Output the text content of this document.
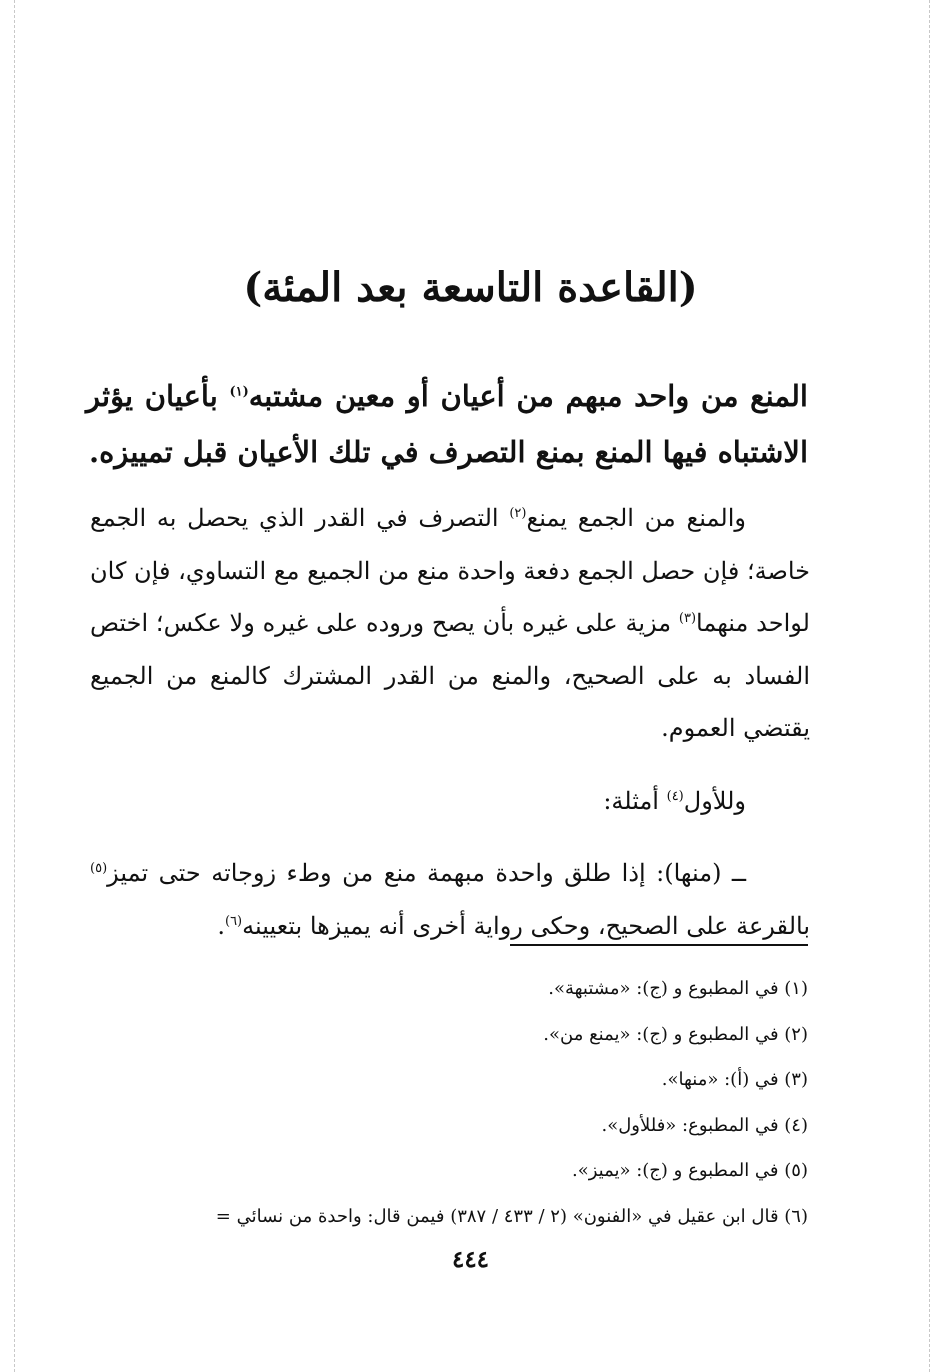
(القاعدة التاسعة بعد المئة)
المنع من واحد مبهم من أعيان أو معين مشتبه$^{(١)}$ بأعيان يؤثر الاشتباه فيها المنع بمنع التصرف في تلك الأعيان قبل تمييزه.

والمنع من الجمع يمنع$^{(٢)}$ التصرف في القدر الذي يحصل به الجمع خاصة؛ فإن حصل الجمع دفعة واحدة منع من الجميع مع التساوي، فإن كان لواحد منهما$^{(٣)}$ مزية على غيره بأن يصح وروده على غيره ولا عكس؛ اختص الفساد به على الصحيح، والمنع من القدر المشترك كالمنع من الجميع يقتضي العموم.

وللأول$^{(٤)}$ أمثلة:

ــ (منها): إذا طلق واحدة مبهمة منع من وطء زوجاته حتى تميز$^{(٥)}$ بالقرعة على الصحيح، وحكى رواية أخرى أنه يميزها بتعيينه$^{(٦)}$.

(١) في المطبوع و (ج): «مشتبهة».
(٢) في المطبوع و (ج): «يمنع من».
(٣) في (أ): «منها».
(٤) في المطبوع: «فللأول».
(٥) في المطبوع و (ج): «يميز».
(٦) قال ابن عقيل في «الفنون» (٢ / ٤٣٣ / ٣٨٧) فيمن قال: واحدة من نسائي =
٤٤٤
